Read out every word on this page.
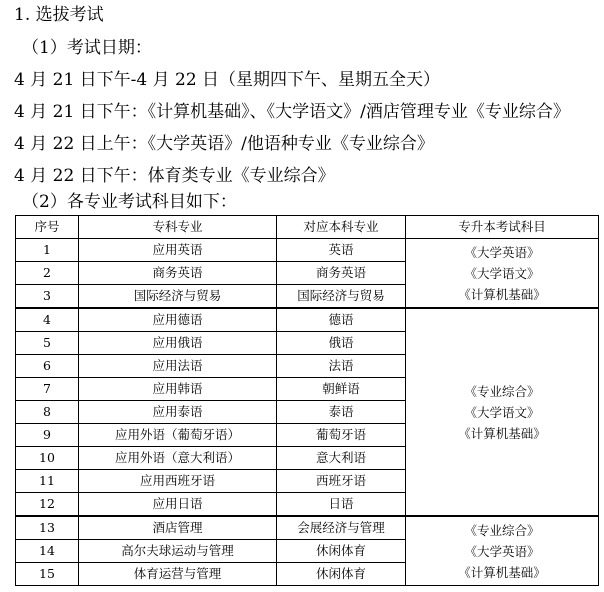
1. 选拔考试
（1）考试日期：
4 月 21 日下午-4 月 22 日（星期四下午、星期五全天）
4 月 21 日下午：《计算机基础》、《大学语文》/酒店管理专业《专业综合》
4 月 22 日上午：《大学英语》/他语种专业《专业综合》
4 月 22 日下午：体育类专业《专业综合》
（2）各专业考试科目如下：
序号	专科专业	对应本科专业	专升本考试科目
1	应用英语	英语	《大学英语》
《大学语文》
《计算机基础》

2	商务英语	商务英语	
3	国际经济与贸易	国际经济与贸易	
4	应用德语	德语	《专业综合》
《大学语文》
《计算机基础》

5	应用俄语	俄语	
6	应用法语	法语	
7	应用韩语	朝鲜语	
8	应用泰语	泰语	
9	应用外语（葡萄牙语）	葡萄牙语	
10	应用外语（意大利语）	意大利语	
11	应用西班牙语	西班牙语	
12	应用日语	日语	
13	酒店管理	会展经济与管理	《专业综合》
《大学英语》
《计算机基础》

14	高尔夫球运动与管理	休闲体育	
15	体育运营与管理	休闲体育	
